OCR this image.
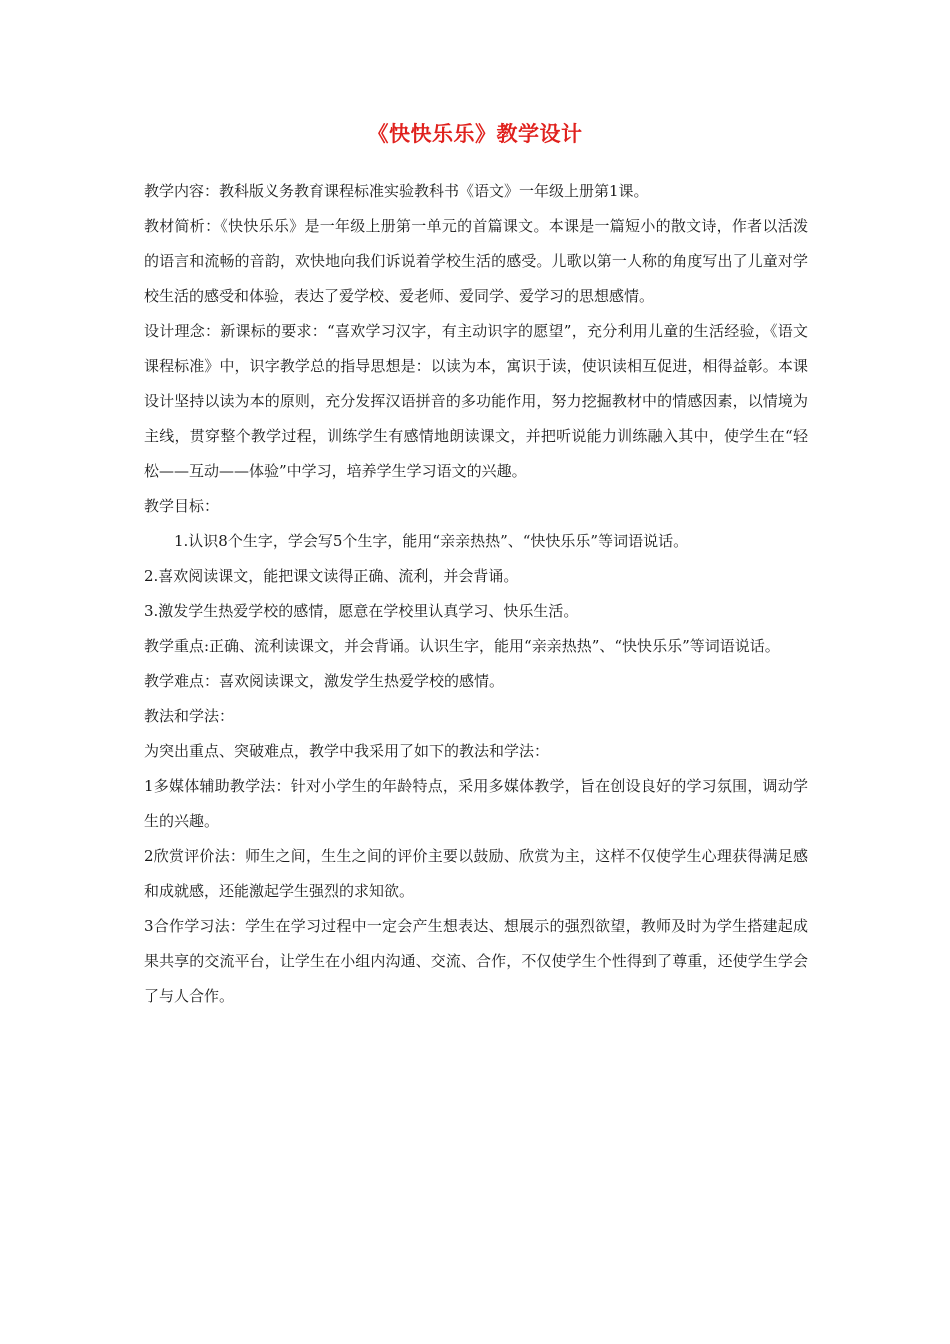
《快快乐乐》教学设计

教学内容：教科版义务教育课程标准实验教科书《语文》一年级上册第1课。

教材简析：《快快乐乐》是一年级上册第一单元的首篇课文。本课是一篇短小的散文诗，作者以活泼的语言和流畅的音韵，欢快地向我们诉说着学校生活的感受。儿歌以第一人称的角度写出了儿童对学校生活的感受和体验，表达了爱学校、爱老师、爱同学、爱学习的思想感情。

设计理念：新课标的要求：“喜欢学习汉字，有主动识字的愿望”，充分利用儿童的生活经验，《语文课程标准》中，识字教学总的指导思想是：以读为本，寓识于读，使识读相互促进，相得益彰。本课设计坚持以读为本的原则，充分发挥汉语拼音的多功能作用，努力挖掘教材中的情感因素，以情境为主线，贯穿整个教学过程，训练学生有感情地朗读课文，并把听说能力训练融入其中，使学生在“轻松——互动——体验”中学习，培养学生学习语文的兴趣。

教学目标：

1.认识8个生字，学会写5个生字，能用“亲亲热热”、“快快乐乐”等词语说话。

2.喜欢阅读课文，能把课文读得正确、流利，并会背诵。

3.激发学生热爱学校的感情，愿意在学校里认真学习、快乐生活。

教学重点:正确、流利读课文，并会背诵。认识生字，能用“亲亲热热”、“快快乐乐”等词语说话。

教学难点：喜欢阅读课文，激发学生热爱学校的感情。

教法和学法：

为突出重点、突破难点，教学中我采用了如下的教法和学法：

1多媒体辅助教学法：针对小学生的年龄特点，采用多媒体教学，旨在创设良好的学习氛围，调动学生的兴趣。

2欣赏评价法：师生之间，生生之间的评价主要以鼓励、欣赏为主，这样不仅使学生心理获得满足感和成就感，还能激起学生强烈的求知欲。

3合作学习法：学生在学习过程中一定会产生想表达、想展示的强烈欲望，教师及时为学生搭建起成果共享的交流平台，让学生在小组内沟通、交流、合作，不仅使学生个性得到了尊重，还使学生学会了与人合作。
